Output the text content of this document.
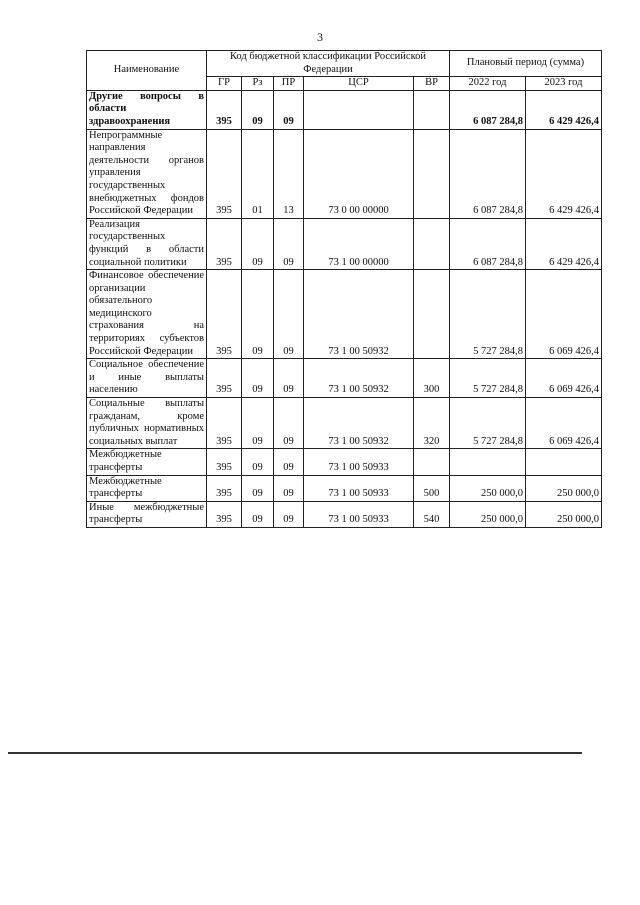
3
Наименование	Код бюджетной классификации Российской Федерации					Плановый период (сумма)	
	ГР	Рз	ПР	ЦСР	ВР	2022 год	2023 год
Другие вопросы в области здравоохранения	395	09	09			6 087 284,8	6 429 426,4
Непрограммные направления деятельности органов управления государственных внебюджетных фондов Российской Федерации	395	01	13	73 0 00 00000		6 087 284,8	6 429 426,4
Реализация государственных функций в области социальной политики	395	09	09	73 1 00 00000		6 087 284,8	6 429 426,4
Финансовое обеспечение организации обязательного медицинского страхования на территориях субъектов Российской Федерации	395	09	09	73 1 00 50932		5 727 284,8	6 069 426,4
Социальное обеспечение и иные выплаты населению	395	09	09	73 1 00 50932	300	5 727 284,8	6 069 426,4
Социальные выплаты гражданам, кроме публичных нормативных социальных выплат	395	09	09	73 1 00 50932	320	5 727 284,8	6 069 426,4
Межбюджетные трансферты	395	09	09	73 1 00 50933			
Межбюджетные трансферты	395	09	09	73 1 00 50933	500	250 000,0	250 000,0
Иные межбюджетные трансферты	395	09	09	73 1 00 50933	540	250 000,0	250 000,0
